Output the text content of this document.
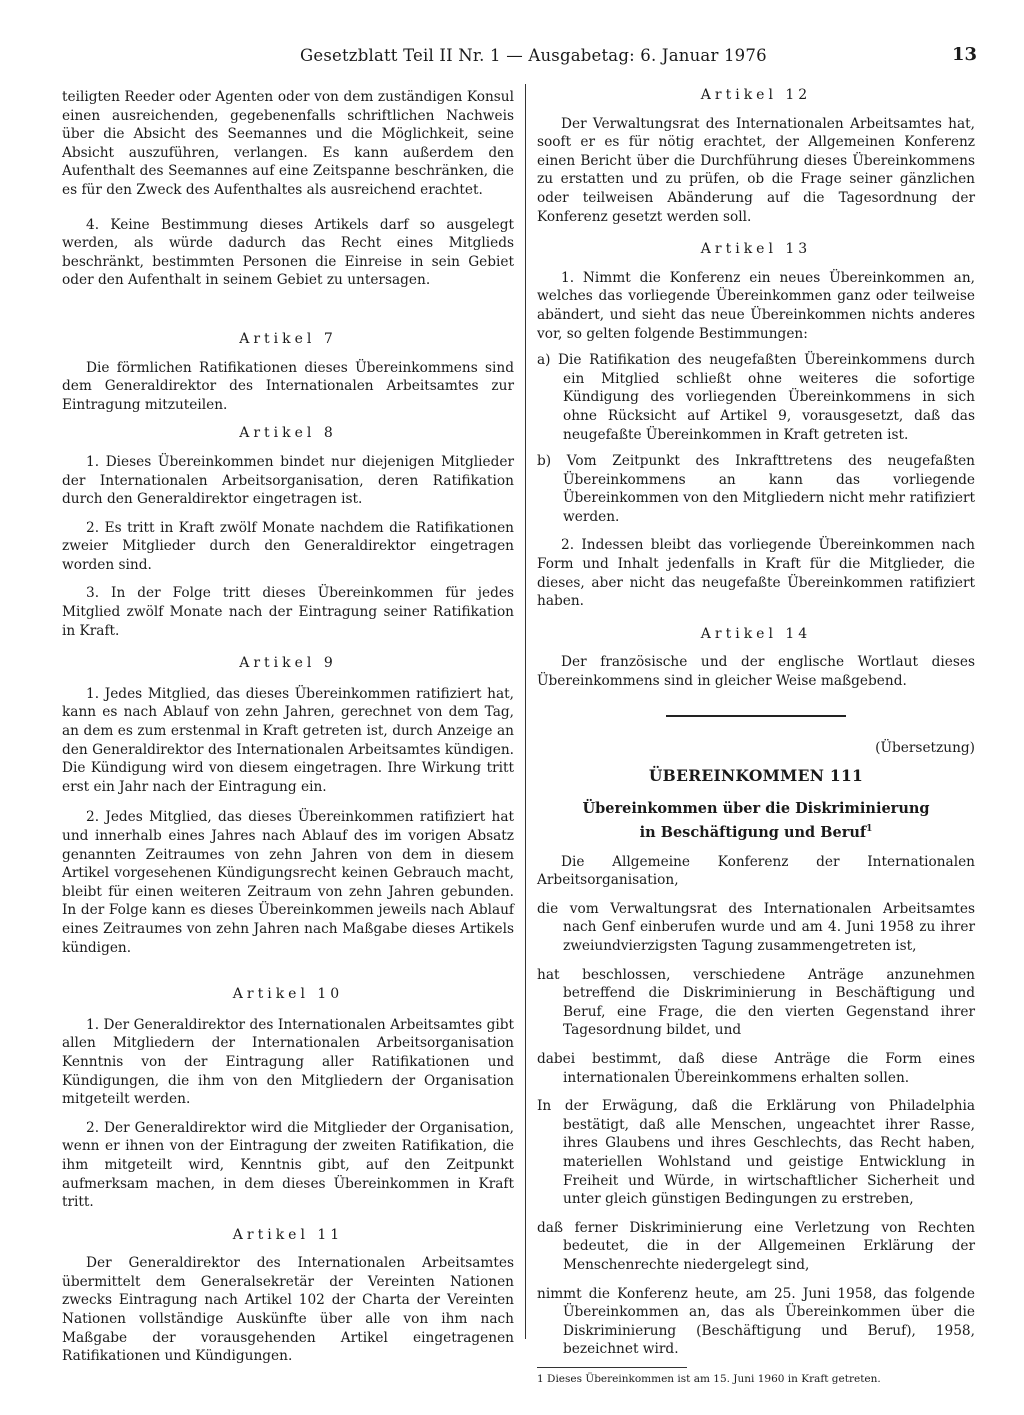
Gesetzblatt Teil II Nr. 1 — Ausgabetag: 6. Januar 1976	13

teiligten Reeder oder Agenten oder von dem zuständigen Konsul einen ausreichenden, gegebenenfalls schriftlichen Nachweis über die Absicht des Seemannes und die Möglichkeit, seine Absicht auszuführen, verlangen. Es kann außerdem den Aufenthalt des Seemannes auf eine Zeitspanne beschränken, die es für den Zweck des Aufenthaltes als ausreichend erachtet.

4. Keine Bestimmung dieses Artikels darf so ausgelegt werden, als würde dadurch das Recht eines Mitglieds beschränkt, bestimmten Personen die Einreise in sein Gebiet oder den Aufenthalt in seinem Gebiet zu untersagen.

Artikel 7

Die förmlichen Ratifikationen dieses Übereinkommens sind dem Generaldirektor des Internationalen Arbeitsamtes zur Eintragung mitzuteilen.

Artikel 8

1. Dieses Übereinkommen bindet nur diejenigen Mitglieder der Internationalen Arbeitsorganisation, deren Ratifikation durch den Generaldirektor eingetragen ist.

2. Es tritt in Kraft zwölf Monate nachdem die Ratifikationen zweier Mitglieder durch den Generaldirektor eingetragen worden sind.

3. In der Folge tritt dieses Übereinkommen für jedes Mitglied zwölf Monate nach der Eintragung seiner Ratifikation in Kraft.

Artikel 9

1. Jedes Mitglied, das dieses Übereinkommen ratifiziert hat, kann es nach Ablauf von zehn Jahren, gerechnet von dem Tag, an dem es zum erstenmal in Kraft getreten ist, durch Anzeige an den Generaldirektor des Internationalen Arbeitsamtes kündigen. Die Kündigung wird von diesem eingetragen. Ihre Wirkung tritt erst ein Jahr nach der Eintragung ein.

2. Jedes Mitglied, das dieses Übereinkommen ratifiziert hat und innerhalb eines Jahres nach Ablauf des im vorigen Absatz genannten Zeitraumes von zehn Jahren von dem in diesem Artikel vorgesehenen Kündigungsrecht keinen Gebrauch macht, bleibt für einen weiteren Zeitraum von zehn Jahren gebunden. In der Folge kann es dieses Übereinkommen jeweils nach Ablauf eines Zeitraumes von zehn Jahren nach Maßgabe dieses Artikels kündigen.

Artikel 10

1. Der Generaldirektor des Internationalen Arbeitsamtes gibt allen Mitgliedern der Internationalen Arbeitsorganisation Kenntnis von der Eintragung aller Ratifikationen und Kündigungen, die ihm von den Mitgliedern der Organisation mitgeteilt werden.

2. Der Generaldirektor wird die Mitglieder der Organisation, wenn er ihnen von der Eintragung der zweiten Ratifikation, die ihm mitgeteilt wird, Kenntnis gibt, auf den Zeitpunkt aufmerksam machen, in dem dieses Übereinkommen in Kraft tritt.

Artikel 11

Der Generaldirektor des Internationalen Arbeitsamtes übermittelt dem Generalsekretär der Vereinten Nationen zwecks Eintragung nach Artikel 102 der Charta der Vereinten Nationen vollständige Auskünfte über alle von ihm nach Maßgabe der vorausgehenden Artikel eingetragenen Ratifikationen und Kündigungen.

Artikel 12

Der Verwaltungsrat des Internationalen Arbeitsamtes hat, sooft er es für nötig erachtet, der Allgemeinen Konferenz einen Bericht über die Durchführung dieses Übereinkommens zu erstatten und zu prüfen, ob die Frage seiner gänzlichen oder teilweisen Abänderung auf die Tagesordnung der Konferenz gesetzt werden soll.

Artikel 13

1. Nimmt die Konferenz ein neues Übereinkommen an, welches das vorliegende Übereinkommen ganz oder teilweise abändert, und sieht das neue Übereinkommen nichts anderes vor, so gelten folgende Bestimmungen:

a) Die Ratifikation des neugefaßten Übereinkommens durch ein Mitglied schließt ohne weiteres die sofortige Kündigung des vorliegenden Übereinkommens in sich ohne Rücksicht auf Artikel 9, vorausgesetzt, daß das neugefaßte Übereinkommen in Kraft getreten ist.

b) Vom Zeitpunkt des Inkrafttretens des neugefaßten Übereinkommens an kann das vorliegende Übereinkommen von den Mitgliedern nicht mehr ratifiziert werden.

2. Indessen bleibt das vorliegende Übereinkommen nach Form und Inhalt jedenfalls in Kraft für die Mitglieder, die dieses, aber nicht das neugefaßte Übereinkommen ratifiziert haben.

Artikel 14

Der französische und der englische Wortlaut dieses Übereinkommens sind in gleicher Weise maßgebend.

(Übersetzung)

ÜBEREINKOMMEN 111
Übereinkommen über die Diskriminierung
in Beschäftigung und Beruf$^1$

Die Allgemeine Konferenz der Internationalen Arbeitsorganisation,

die vom Verwaltungsrat des Internationalen Arbeitsamtes nach Genf einberufen wurde und am 4. Juni 1958 zu ihrer zweiundvierzigsten Tagung zusammengetreten ist,

hat beschlossen, verschiedene Anträge anzunehmen betreffend die Diskriminierung in Beschäftigung und Beruf, eine Frage, die den vierten Gegenstand ihrer Tagesordnung bildet, und

dabei bestimmt, daß diese Anträge die Form eines internationalen Übereinkommens erhalten sollen.

In der Erwägung, daß die Erklärung von Philadelphia bestätigt, daß alle Menschen, ungeachtet ihrer Rasse, ihres Glaubens und ihres Geschlechts, das Recht haben, materiellen Wohlstand und geistige Entwicklung in Freiheit und Würde, in wirtschaftlicher Sicherheit und unter gleich günstigen Bedingungen zu erstreben,

daß ferner Diskriminierung eine Verletzung von Rechten bedeutet, die in der Allgemeinen Erklärung der Menschenrechte niedergelegt sind,

nimmt die Konferenz heute, am 25. Juni 1958, das folgende Übereinkommen an, das als Übereinkommen über die Diskriminierung (Beschäftigung und Beruf), 1958, bezeichnet wird.

1 Dieses Übereinkommen ist am 15. Juni 1960 in Kraft getreten.
